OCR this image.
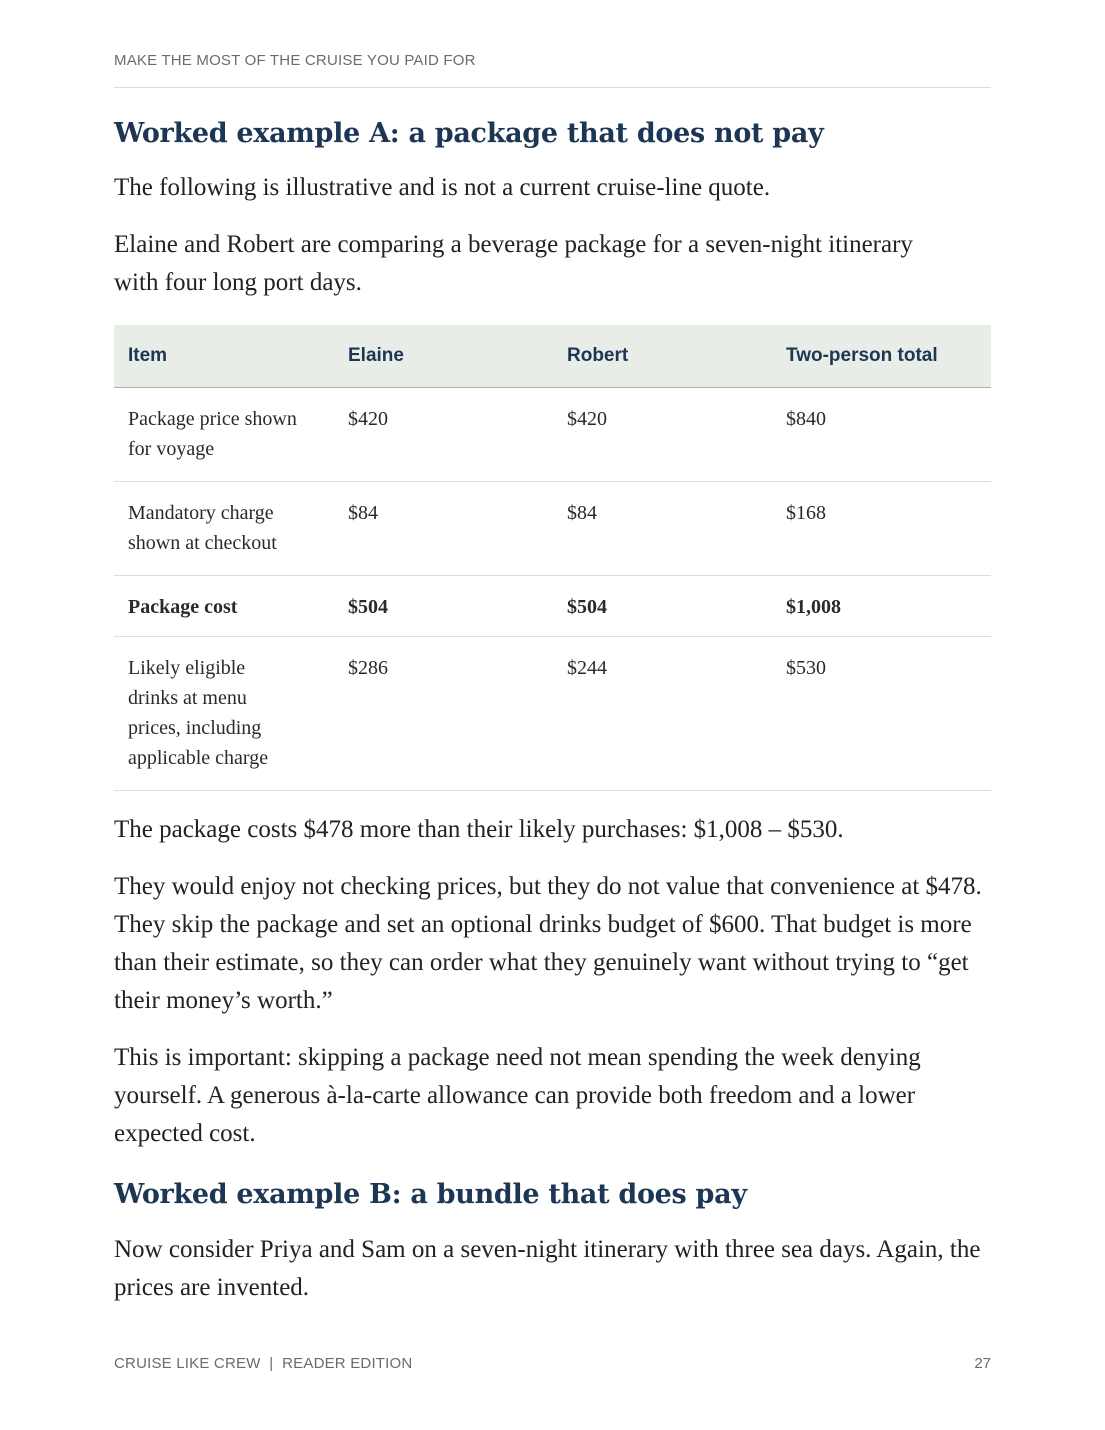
MAKE THE MOST OF THE CRUISE YOU PAID FOR
Worked example A: a package that does not pay

The following is illustrative and is not a current cruise-line quote.

Elaine and Robert are comparing a beverage package for a seven-night itinerary with four long port days.

Item	Elaine	Robert	Two-person total
Package price shown for voyage	$420	$420	$840
Mandatory charge shown at checkout	$84	$84	$168
Package cost	$504	$504	$1,008
Likely eligible drinks at menu prices, including applicable charge	$286	$244	$530

The package costs $478 more than their likely purchases: $1,008 – $530.

They would enjoy not checking prices, but they do not value that convenience at $478. They skip the package and set an optional drinks budget of $600. That budget is more than their estimate, so they can order what they genuinely want without trying to “get their money’s worth.”

This is important: skipping a package need not mean spending the week denying yourself. A generous à-la-carte allowance can provide both freedom and a lower expected cost.

Worked example B: a bundle that does pay

Now consider Priya and Sam on a seven-night itinerary with three sea days. Again, the prices are invented.

CRUISE LIKE CREW  |  READER EDITION	27
